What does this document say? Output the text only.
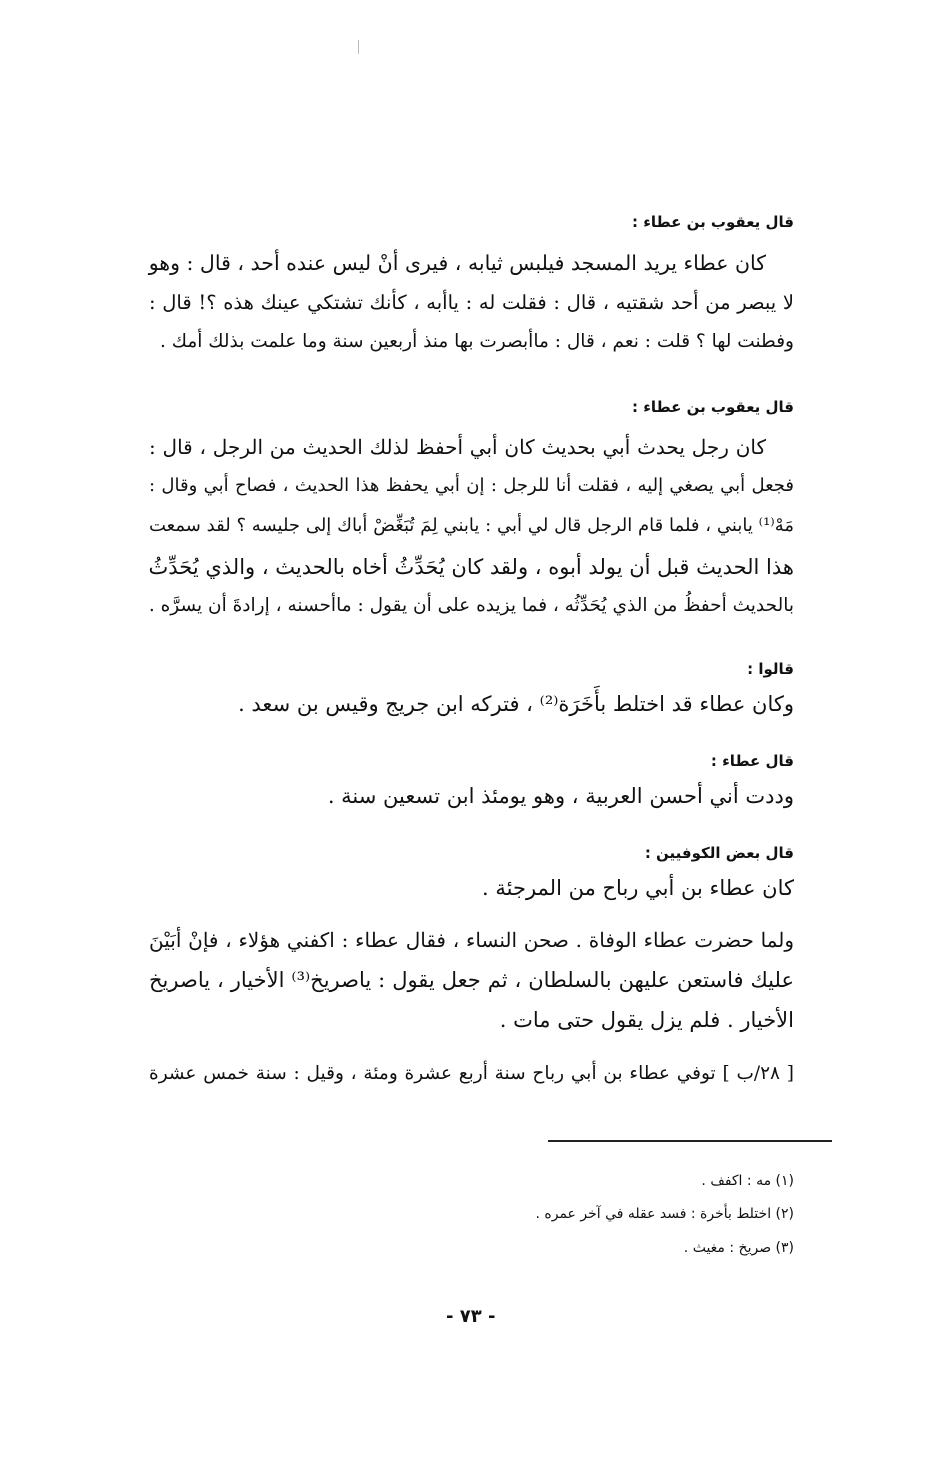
قال يعقوب بن عطاء :
كان عطاء يريد المسجد فيلبس ثيابه ، فيرى أنْ ليس عنده أحد ، قال : وهو
لا يبصر من أحد شقتيه ، قال : فقلت له : ياأبه ، كأنك تشتكي عينك هذه ؟! قال :
وفطنت لها ؟ قلت : نعم ، قال : ماأبصرت بها منذ أربعين سنة وما علمت بذلك أمك .
قال يعقوب بن عطاء :
كان رجل يحدث أبي بحديث كان أبي أحفظ لذلك الحديث من الرجل ، قال :
فجعل أبي يصغي إليه ، فقلت أنا للرجل : إن أبي يحفظ هذا الحديث ، فصاح أبي وقال :
مَهْ⁽¹⁾ يابني ، فلما قام الرجل قال لي أبي : يابني لِمَ تُبَغِّضْ أباك إلى جليسه ؟ لقد سمعت
هذا الحديث قبل أن يولد أبوه ، ولقد كان يُحَدِّثُ أخاه بالحديث ، والذي يُحَدِّثُ
بالحديث أحفظُ من الذي يُحَدِّثُه ، فما يزيده على أن يقول : ماأحسنه ، إرادةَ أن يسرَّه .
قالوا :
وكان عطاء قد اختلط بأَخَرَة⁽²⁾ ، فتركه ابن جريج وقيس بن سعد .
قال عطاء :
وددت أني أحسن العربية ، وهو يومئذ ابن تسعين سنة .
قال بعض الكوفيين :
كان عطاء بن أبي رباح من المرجئة .
ولما حضرت عطاء الوفاة . صحن النساء ، فقال عطاء : اكفني هؤلاء ، فإنْ أبَيْنَ
عليك فاستعن عليهن بالسلطان ، ثم جعل يقول : ياصريخ⁽³⁾ الأخيار ، ياصريخ
الأخيار . فلم يزل يقول حتى مات .
[ ٢٨/ب ] توفي عطاء بن أبي رباح سنة أربع عشرة ومئة ، وقيل : سنة خمس عشرة
(١) مه : اكفف .
(٢) اختلط بأخرة : فسد عقله في آخر عمره .
(٣) صريخ : مغيث .
- ٧٣ -
